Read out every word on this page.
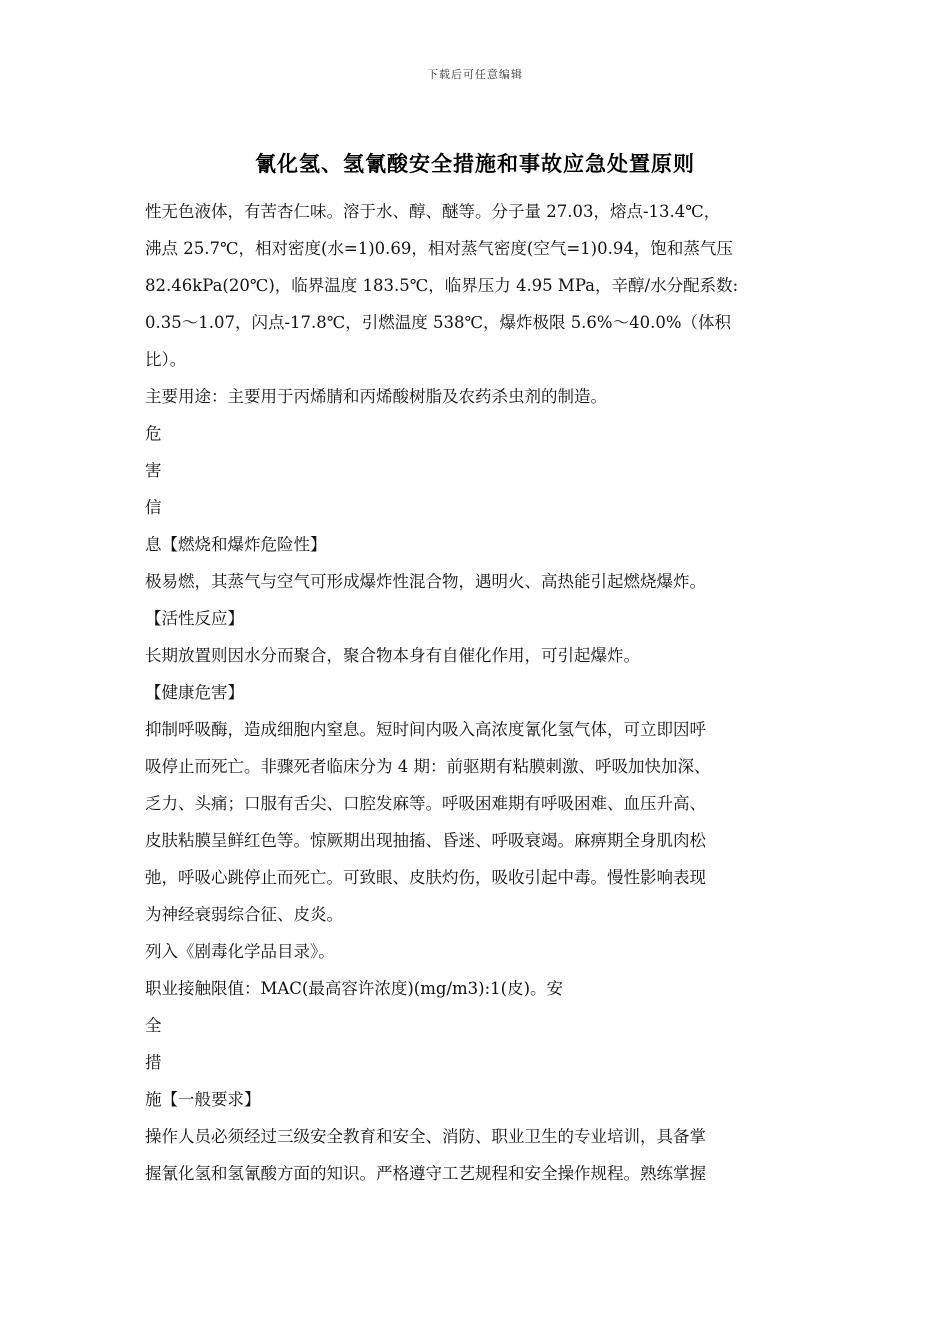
下载后可任意编辑
氰化氢、氢氰酸安全措施和事故应急处置原则
性无色液体，有苦杏仁味。溶于水、醇、醚等。分子量 27.03，熔点-13.4℃，
沸点 25.7℃，相对密度(水=1)0.69，相对蒸气密度(空气=1)0.94，饱和蒸气压
82.46kPa(20℃)，临界温度 183.5℃，临界压力 4.95 MPa，辛醇/水分配系数:
0.35～1.07，闪点-17.8℃，引燃温度 538℃，爆炸极限 5.6%～40.0%（体积
比）。
主要用途：主要用于丙烯腈和丙烯酸树脂及农药杀虫剂的制造。
危
害
信
息【燃烧和爆炸危险性】
极易燃，其蒸气与空气可形成爆炸性混合物，遇明火、高热能引起燃烧爆炸。
【活性反应】
长期放置则因水分而聚合，聚合物本身有自催化作用，可引起爆炸。
【健康危害】
抑制呼吸酶，造成细胞内窒息。短时间内吸入高浓度氰化氢气体，可立即因呼
吸停止而死亡。非骤死者临床分为 4 期：前驱期有粘膜刺激、呼吸加快加深、
乏力、头痛；口服有舌尖、口腔发麻等。呼吸困难期有呼吸困难、血压升高、
皮肤粘膜呈鲜红色等。惊厥期出现抽搐、昏迷、呼吸衰竭。麻痹期全身肌肉松
弛，呼吸心跳停止而死亡。可致眼、皮肤灼伤，吸收引起中毒。慢性影响表现
为神经衰弱综合征、皮炎。
列入《剧毒化学品目录》。
职业接触限值：MAC(最高容许浓度)(mg/m3):1(皮)。安
全
措
施【一般要求】
操作人员必须经过三级安全教育和安全、消防、职业卫生的专业培训，具备掌
握氰化氢和氢氰酸方面的知识。严格遵守工艺规程和安全操作规程。熟练掌握
